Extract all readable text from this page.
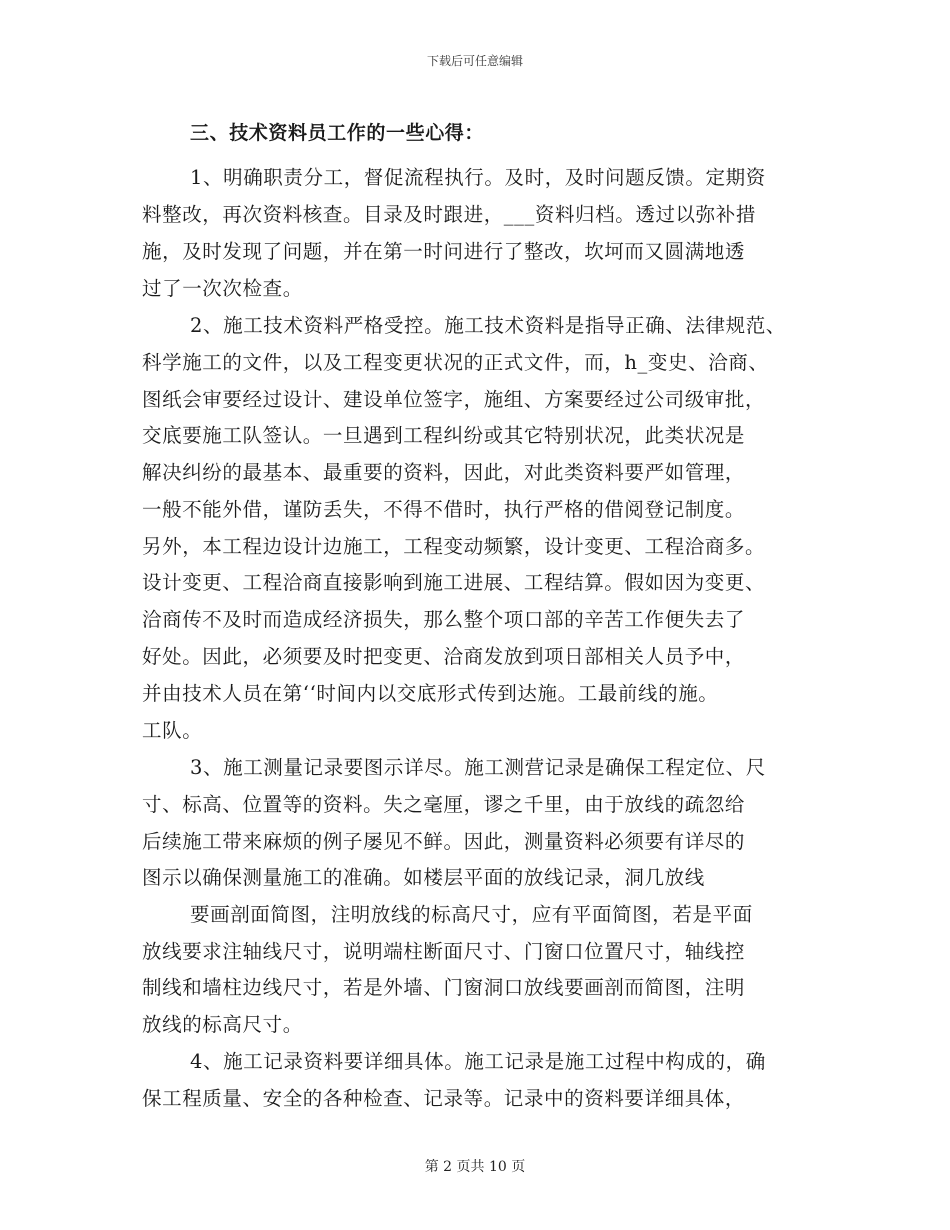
下载后可任意编辑
三、技术资料员工作的一些心得：
1、明确职责分工，督促流程执行。及时，及时问题反馈。定期资
料整改，再次资料核查。目录及时跟进，___资料归档。透过以弥补措
施，及时发现了问题，并在第一时问进行了整改，坎坷而又圆满地透
过了一次次检查。
2、施工技术资料严格受控。施工技术资料是指导正确、法律规范、
科学施工的文件，以及工程变更状况的正式文件，而，h_变史、洽商、
图纸会审要经过设计、建设单位签字，施组、方案要经过公司级审批，
交底要施工队签认。一旦遇到工程纠纷或其它特别状况，此类状况是
解决纠纷的最基本、最重要的资料，因此，对此类资料要严如管理，
一般不能外借，谨防丢失，不得不借时，执行严格的借阅登记制度。
另外，本工程边设计边施工，工程变动频繁，设计变更、工程洽商多。
设计变更、工程洽商直接影响到施工进展、工程结算。假如因为变更、
洽商传不及时而造成经济损失，那么整个项口部的辛苦工作便失去了
好处。因此，必须要及时把变更、洽商发放到项日部相关人员予中，
并由技术人员在第‘‘时间内以交底形式传到达施。工最前线的施。
工队。
3、施工测量记录要图示详尽。施工测营记录是确保工程定位、尺
寸、标高、位置等的资料。失之毫厘，谬之千里，由于放线的疏忽给
后续施工带来麻烦的例子屡见不鲜。因此，测量资料必须要有详尽的
图示以确保测量施工的准确。如楼层平面的放线记录，洞几放线
要画剖面简图，注明放线的标高尺寸，应有平面简图，若是平面
放线要求注轴线尺寸，说明端柱断面尺寸、门窗口位置尺寸，轴线控
制线和墙柱边线尺寸，若是外墙、门窗洞口放线要画剖而简图，注明
放线的标高尺寸。
4、施工记录资料要详细具体。施工记录是施工过程中构成的，确
保工程质量、安全的各种检查、记录等。记录中的资料要详细具体，
第 2 页共 10 页
